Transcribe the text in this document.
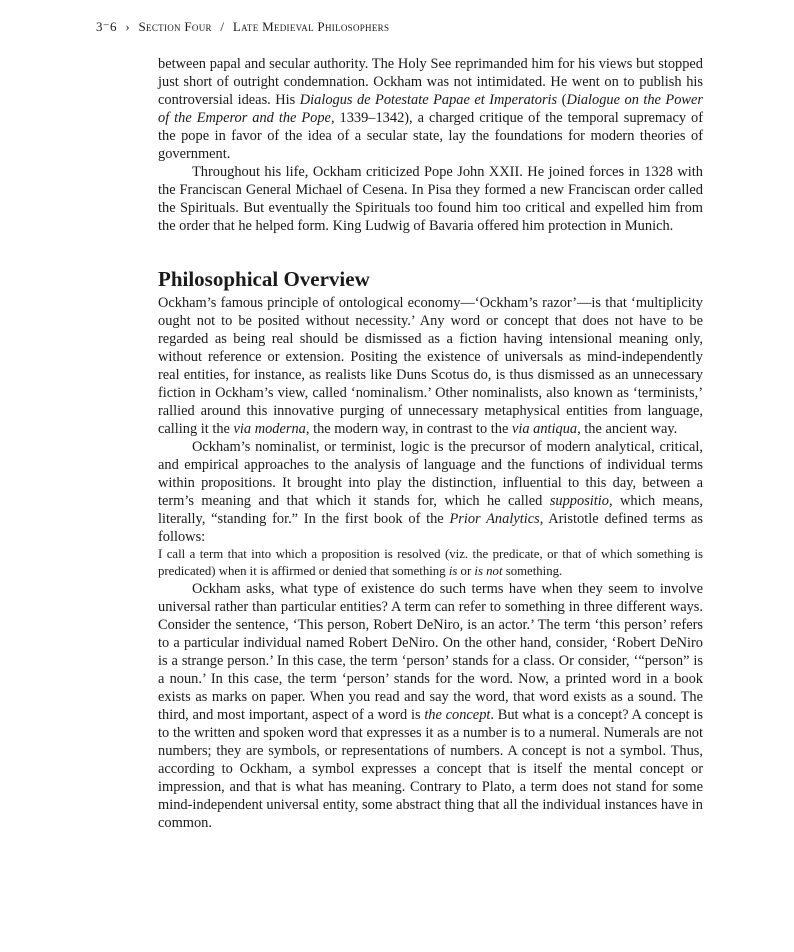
3⁻6 › Section Four / Late Medieval Philosophers

between papal and secular authority. The Holy See reprimanded him for his views but stopped just short of outright condemnation. Ockham was not intimidated. He went on to publish his controversial ideas. His Dialogus de Potestate Papae et Imperatoris (Dialogue on the Power of the Emperor and the Pope, 1339–1342), a charged critique of the temporal supremacy of the pope in favor of the idea of a secular state, lay the foundations for modern theories of government.

Throughout his life, Ockham criticized Pope John XXII. He joined forces in 1328 with the Franciscan General Michael of Cesena. In Pisa they formed a new Franciscan order called the Spirituals. But eventually the Spirituals too found him too critical and expelled him from the order that he helped form. King Ludwig of Bavaria offered him protection in Munich.

Philosophical Overview

Ockham’s famous principle of ontological economy—‘Ockham’s razor’—is that ‘multiplicity ought not to be posited without necessity.’ Any word or concept that does not have to be regarded as being real should be dismissed as a fiction having intensional meaning only, without reference or extension. Positing the existence of universals as mind-independently real entities, for instance, as realists like Duns Scotus do, is thus dismissed as an unnecessary fiction in Ockham’s view, called ‘nominalism.’ Other nominalists, also known as ‘terminists,’ rallied around this innovative purging of unnecessary metaphysical entities from language, calling it the via moderna, the modern way, in contrast to the via antiqua, the ancient way.

Ockham’s nominalist, or terminist, logic is the precursor of modern analytical, critical, and empirical approaches to the analysis of language and the functions of individual terms within propositions. It brought into play the distinction, influential to this day, between a term’s meaning and that which it stands for, which he called suppositio, which means, literally, “standing for.” In the first book of the Prior Analytics, Aristotle defined terms as follows:

I call a term that into which a proposition is resolved (viz. the predicate, or that of which something is predicated) when it is affirmed or denied that something is or is not something.

Ockham asks, what type of existence do such terms have when they seem to involve universal rather than particular entities? A term can refer to something in three different ways. Consider the sentence, ‘This person, Robert DeNiro, is an actor.’ The term ‘this person’ refers to a particular individual named Robert DeNiro. On the other hand, consider, ‘Robert DeNiro is a strange person.’ In this case, the term ‘person’ stands for a class. Or consider, ‘“person” is a noun.’ In this case, the term ‘person’ stands for the word. Now, a printed word in a book exists as marks on paper. When you read and say the word, that word exists as a sound. The third, and most important, aspect of a word is the concept. But what is a concept? A concept is to the written and spoken word that expresses it as a number is to a numeral. Numerals are not numbers; they are symbols, or representations of numbers. A concept is not a symbol. Thus, according to Ockham, a symbol expresses a concept that is itself the mental concept or impression, and that is what has meaning. Contrary to Plato, a term does not stand for some mind-independent universal entity, some abstract thing that all the individual instances have in common.
